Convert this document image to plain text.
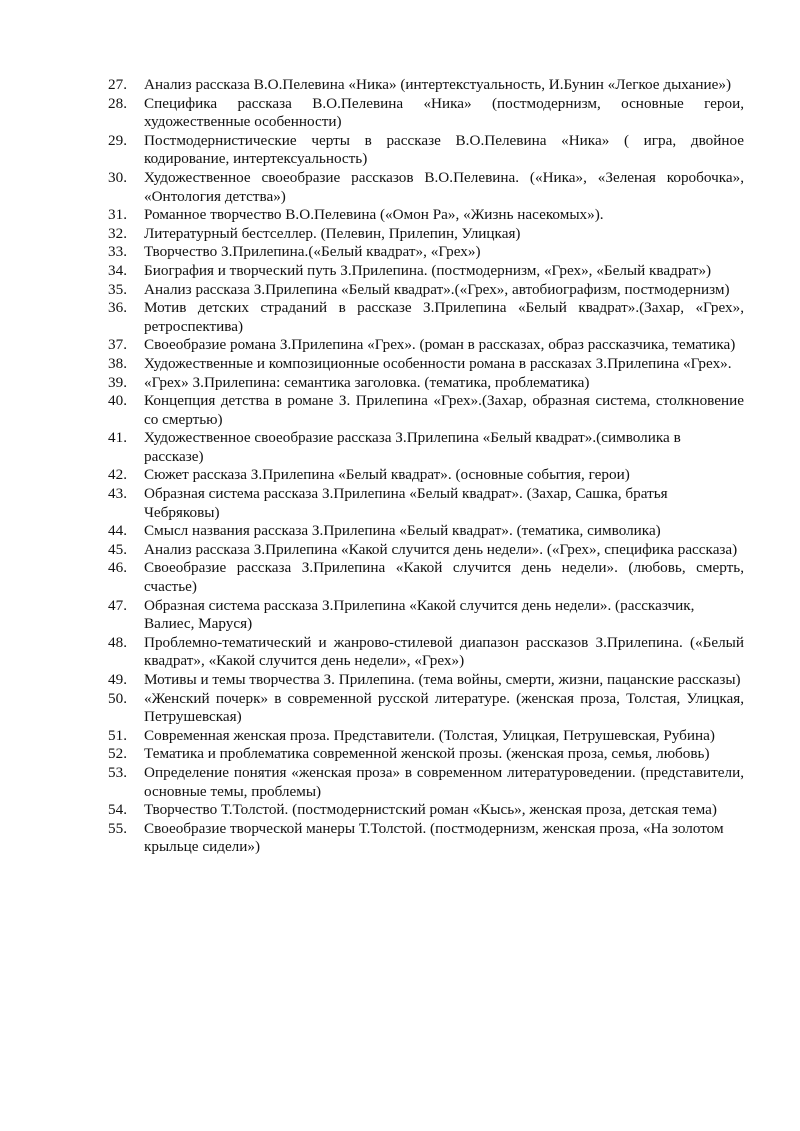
27.	Анализ рассказа В.О.Пелевина «Ника» (интертекстуальность, И.Бунин «Легкое дыхание»)
28.	Специфика рассказа В.О.Пелевина «Ника» (постмодернизм, основные герои, художественные особенности)
29.	Постмодернистические черты в рассказе В.О.Пелевина «Ника» ( игра, двойное кодирование, интертексуальность)
30.	Художественное своеобразие рассказов В.О.Пелевина. («Ника», «Зеленая коробочка», «Онтология детства»)
31.	Романное творчество В.О.Пелевина («Омон Ра», «Жизнь насекомых»).
32.	Литературный бестселлер. (Пелевин, Прилепин, Улицкая)
33.	Творчество З.Прилепина.(«Белый квадрат», «Грех»)
34.	Биография и творческий путь З.Прилепина. (постмодернизм, «Грех», «Белый квадрат»)
35.	Анализ рассказа З.Прилепина «Белый квадрат».(«Грех», автобиографизм, постмодернизм)
36.	Мотив детских страданий в рассказе З.Прилепина «Белый квадрат».(Захар, «Грех», ретроспектива)
37.	Своеобразие романа З.Прилепина «Грех». (роман в рассказах, образ рассказчика, тематика)
38.	Художественные и композиционные особенности романа в рассказах З.Прилепина «Грех».
39.	«Грех» З.Прилепина: семантика заголовка. (тематика, проблематика)
40.	Концепция детства в романе З. Прилепина «Грех».(Захар, образная система, столкновение со смертью)
41.	Художественное своеобразие рассказа З.Прилепина «Белый квадрат».(символика в рассказе)
42.	Сюжет рассказа З.Прилепина «Белый квадрат». (основные события, герои)
43.	Образная система рассказа З.Прилепина «Белый квадрат». (Захар, Сашка, братья Чебряковы)
44.	Смысл названия рассказа З.Прилепина «Белый квадрат». (тематика, символика)
45.	Анализ рассказа З.Прилепина «Какой случится день недели». («Грех», специфика рассказа)
46.	Своеобразие рассказа З.Прилепина «Какой случится день недели». (любовь, смерть, счастье)
47.	Образная система рассказа З.Прилепина «Какой случится день недели». (рассказчик, Валиес, Маруся)
48.	Проблемно-тематический и жанрово-стилевой диапазон рассказов З.Прилепина. («Белый квадрат», «Какой случится день недели», «Грех»)
49.	Мотивы и темы творчества З. Прилепина. (тема войны, смерти, жизни, пацанские рассказы)
50.	«Женский почерк» в современной русской литературе. (женская проза, Толстая, Улицкая, Петрушевская)
51.	Современная женская проза. Представители. (Толстая, Улицкая, Петрушевская, Рубина)
52.	Тематика и проблематика современной женской прозы. (женская проза, семья, любовь)
53.	Определение понятия «женская проза» в современном литературоведении. (представители, основные темы, проблемы)
54.	Творчество Т.Толстой. (постмодернистский роман «Кысь», женская проза, детская тема)
55.	Своеобразие творческой манеры Т.Толстой. (постмодернизм, женская проза, «На золотом крыльце сидели»)
